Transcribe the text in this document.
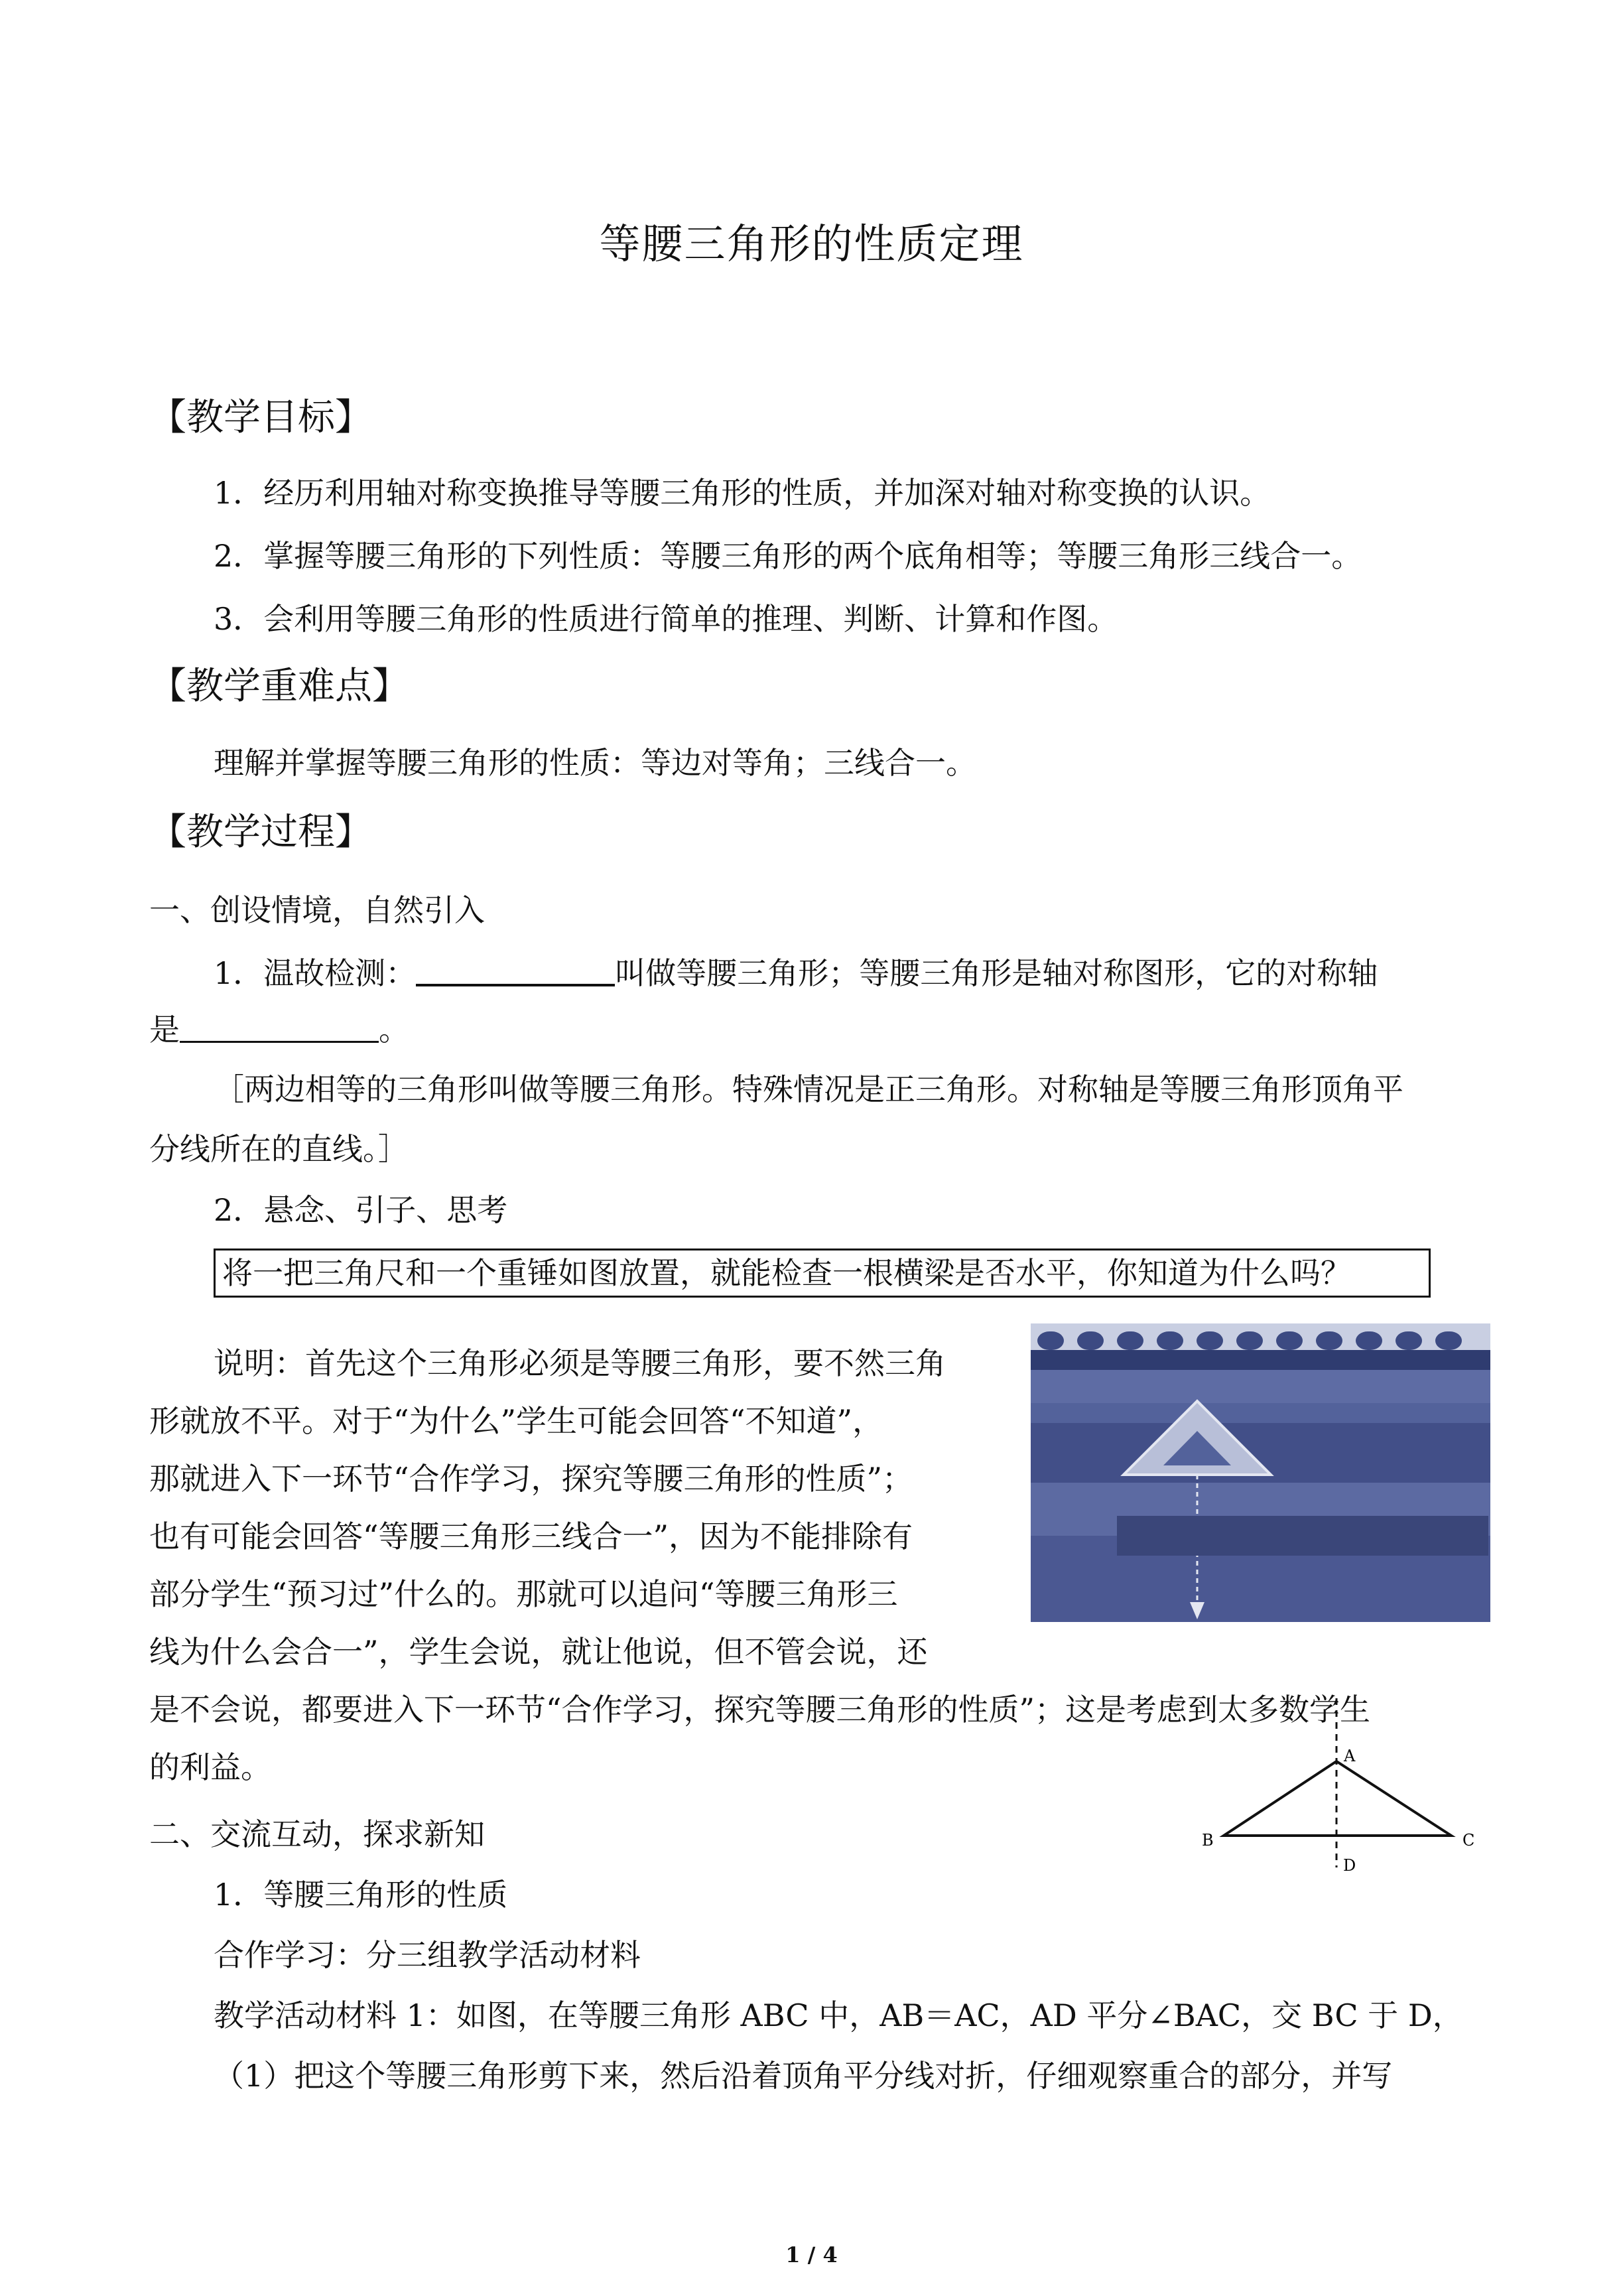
等腰三角形的性质定理
【教学目标】
1．经历利用轴对称变换推导等腰三角形的性质，并加深对轴对称变换的认识。
2．掌握等腰三角形的下列性质：等腰三角形的两个底角相等；等腰三角形三线合一。
3．会利用等腰三角形的性质进行简单的推理、判断、计算和作图。
【教学重难点】
理解并掌握等腰三角形的性质：等边对等角；三线合一。
【教学过程】
一、创设情境，自然引入
1．温故检测：	叫做等腰三角形；等腰三角形是轴对称图形，它的对称轴
是	。
［两边相等的三角形叫做等腰三角形。特殊情况是正三角形。对称轴是等腰三角形顶角平
分线所在的直线。］
2．悬念、引子、思考
将一把三角尺和一个重锤如图放置，就能检查一根横梁是否水平，你知道为什么吗？
说明：首先这个三角形必须是等腰三角形，要不然三角
形就放不平。对于“为什么”学生可能会回答“不知道”，
那就进入下一环节“合作学习，探究等腰三角形的性质”；
也有可能会回答“等腰三角形三线合一”，因为不能排除有
部分学生“预习过”什么的。那就可以追问“等腰三角形三
线为什么会合一”，学生会说，就让他说，但不管会说，还
是不会说，都要进入下一环节“合作学习，探究等腰三角形的性质”；这是考虑到太多数学生
的利益。
二、交流互动，探求新知
1．等腰三角形的性质
合作学习：分三组教学活动材料
教学活动材料 1：如图，在等腰三角形 ABC 中，AB＝AC，AD 平分∠BAC，交 BC 于 D，
（1）把这个等腰三角形剪下来，然后沿着顶角平分线对折，仔细观察重合的部分，并写
A
B	C
D
1 / 4
